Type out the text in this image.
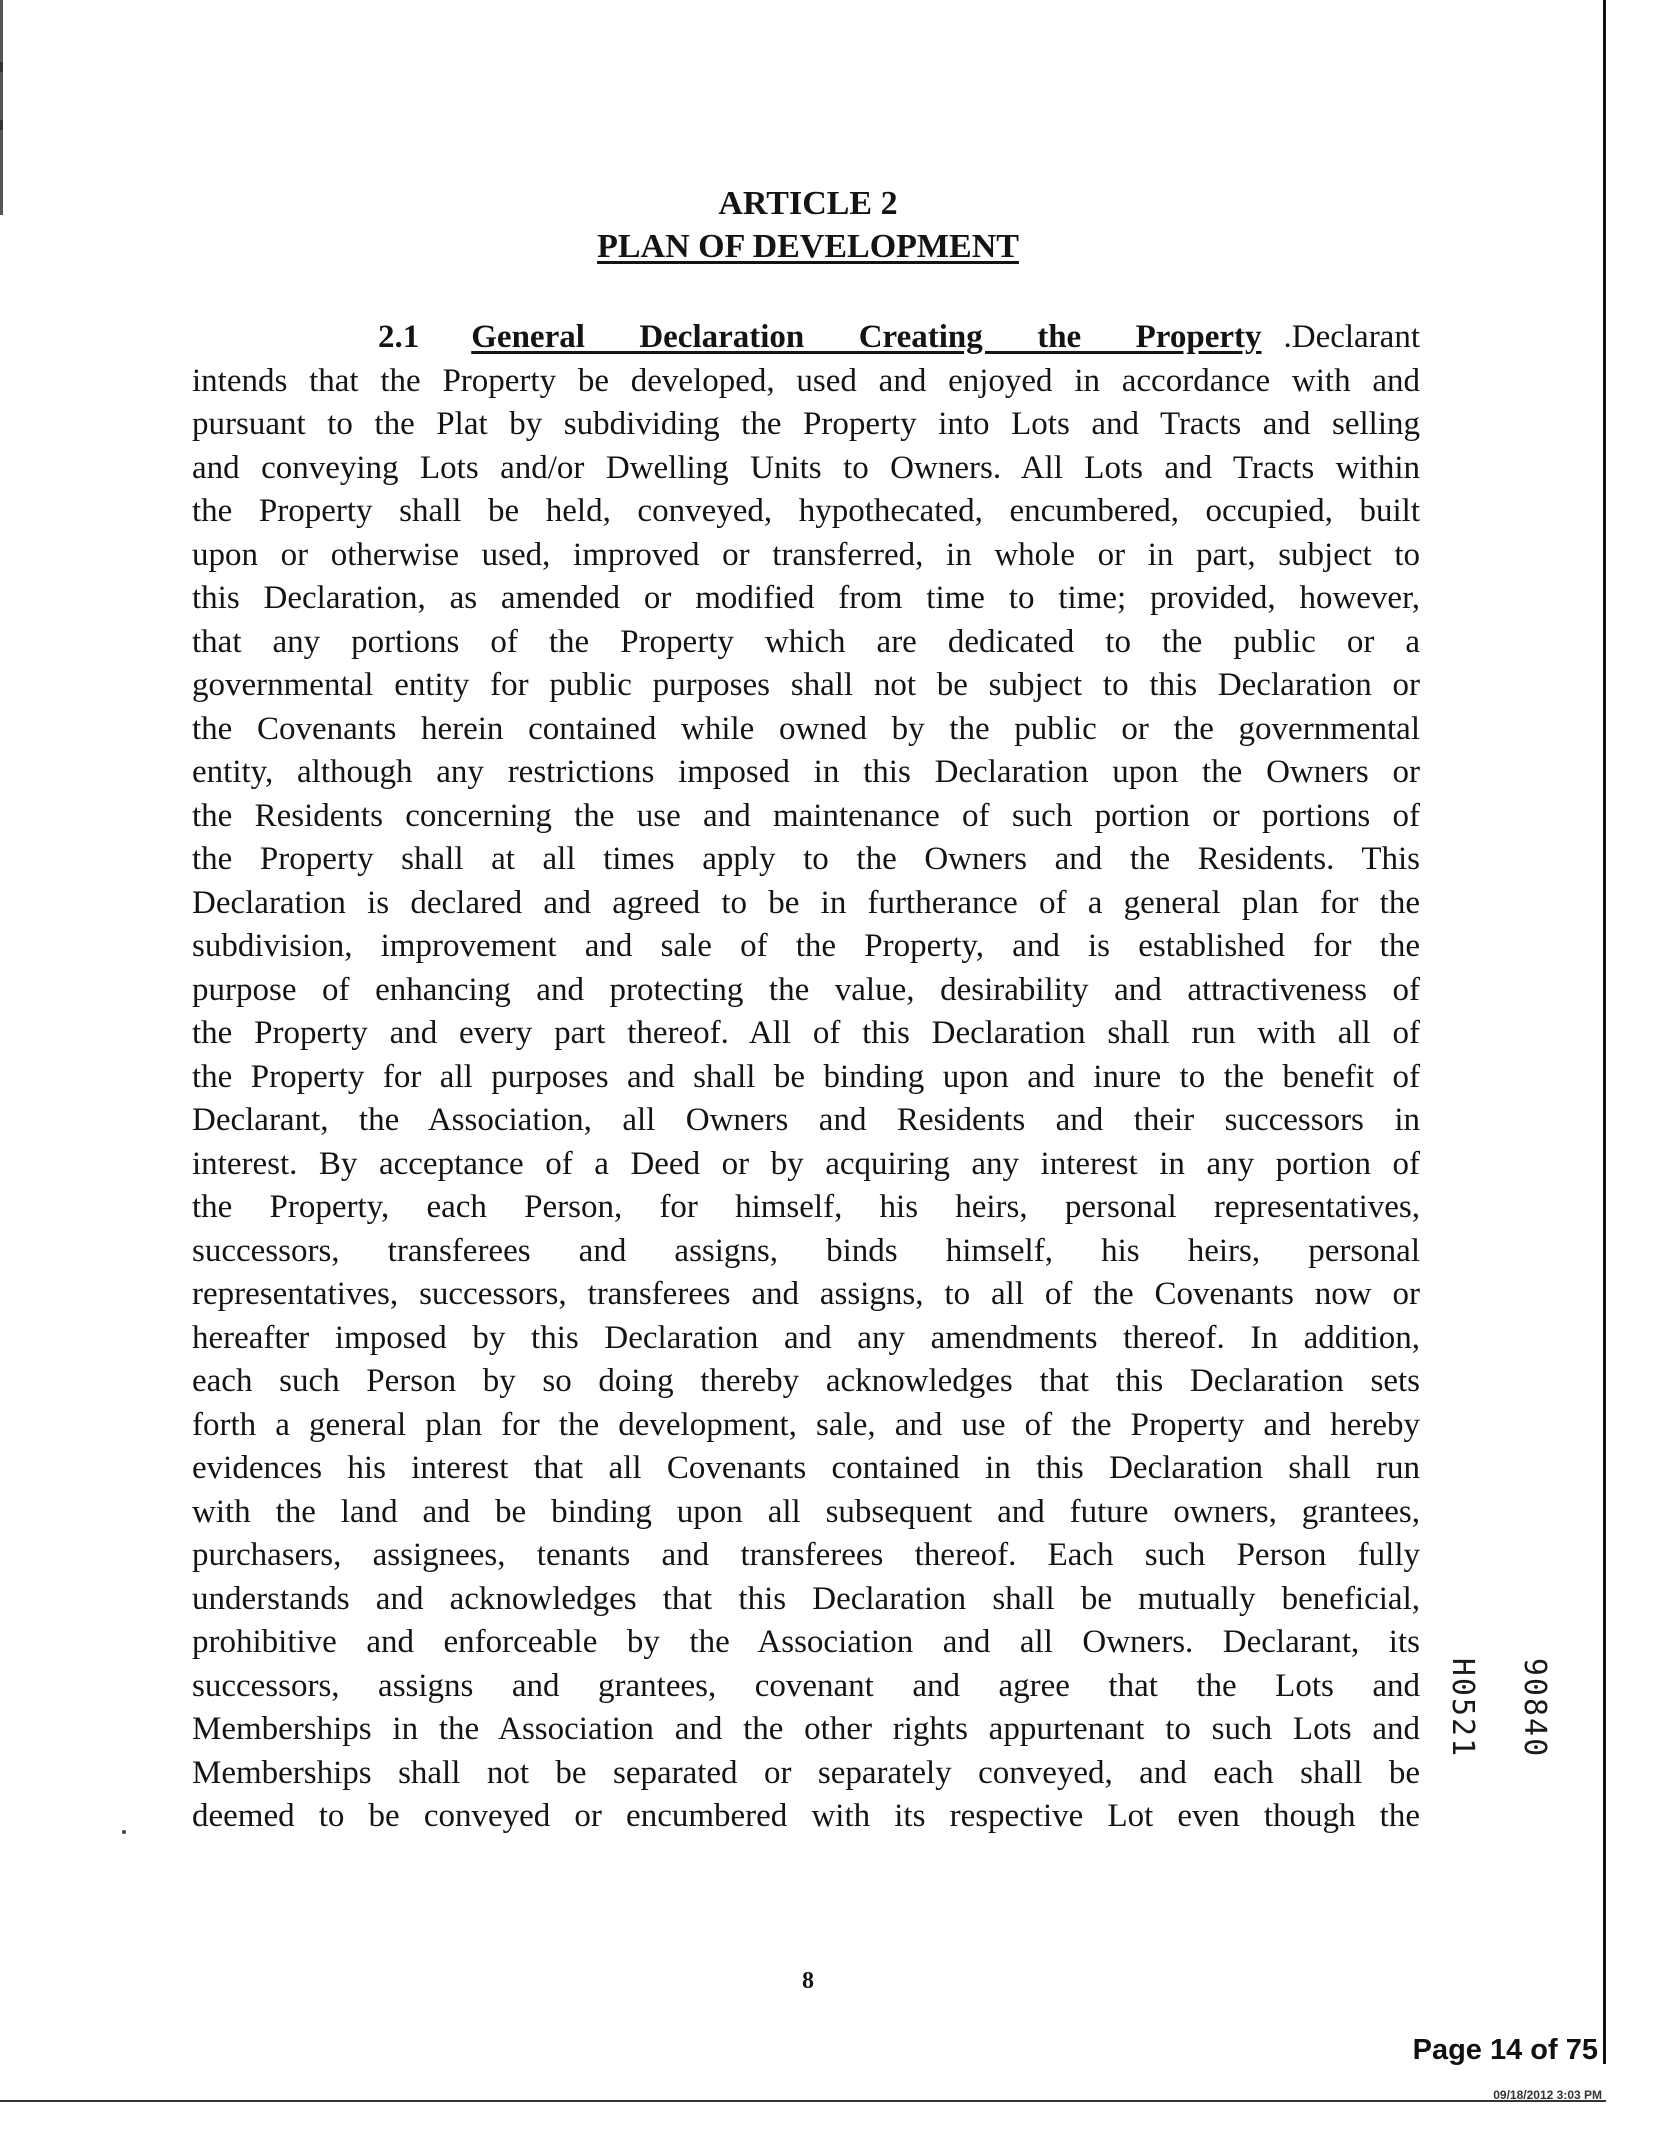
ARTICLE 2
PLAN OF DEVELOPMENT
2.1 General Declaration Creating the Property .Declarant
intends that the Property be developed, used and enjoyed in accordance with and
pursuant to the Plat by subdividing the Property into Lots and Tracts and selling
and conveying Lots and/or Dwelling Units to Owners. All Lots and Tracts within
the Property shall be held, conveyed, hypothecated, encumbered, occupied, built
upon or otherwise used, improved or transferred, in whole or in part, subject to
this Declaration, as amended or modified from time to time; provided, however,
that any portions of the Property which are dedicated to the public or a
governmental entity for public purposes shall not be subject to this Declaration or
the Covenants herein contained while owned by the public or the governmental
entity, although any restrictions imposed in this Declaration upon the Owners or
the Residents concerning the use and maintenance of such portion or portions of
the Property shall at all times apply to the Owners and the Residents. This
Declaration is declared and agreed to be in furtherance of a general plan for the
subdivision, improvement and sale of the Property, and is established for the
purpose of enhancing and protecting the value, desirability and attractiveness of
the Property and every part thereof. All of this Declaration shall run with all of
the Property for all purposes and shall be binding upon and inure to the benefit of
Declarant, the Association, all Owners and Residents and their successors in
interest. By acceptance of a Deed or by acquiring any interest in any portion of
the Property, each Person, for himself, his heirs, personal representatives,
successors, transferees and assigns, binds himself, his heirs, personal
representatives, successors, transferees and assigns, to all of the Covenants now or
hereafter imposed by this Declaration and any amendments thereof. In addition,
each such Person by so doing thereby acknowledges that this Declaration sets
forth a general plan for the development, sale, and use of the Property and hereby
evidences his interest that all Covenants contained in this Declaration shall run
with the land and be binding upon all subsequent and future owners, grantees,
purchasers, assignees, tenants and transferees thereof. Each such Person fully
understands and acknowledges that this Declaration shall be mutually beneficial,
prohibitive and enforceable by the Association and all Owners. Declarant, its
successors, assigns and grantees, covenant and agree that the Lots and
Memberships in the Association and the other rights appurtenant to such Lots and
Memberships shall not be separated or separately conveyed, and each shall be
deemed to be conveyed or encumbered with its respective Lot even though the
8
90840 H0521
Page 14 of 75
09/18/2012 3:03 PM
